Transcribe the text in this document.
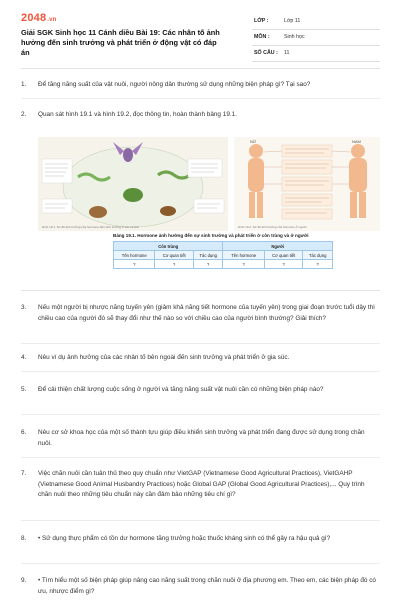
2048.vn
Giải SGK Sinh học 11 Cánh diều Bài 19: Các nhân tố ảnh hưởng đến sinh trưởng và phát triển ở động vật có đáp án
LỚP :	Lớp 11
MÔN :	Sinh học
SỐ CÂU : 11
1.	Để tăng năng suất của vật nuôi, người nông dân thường sử dụng những biện pháp gì? Tại sao?
2.	Quan sát hình 19.1 và hình 19.2, đọc thông tin, hoàn thành bảng 19.1.
Hình 19.1. Sơ đồ ảnh hưởng của hormone đến sinh trưởng ở sâu và ếch
NỮ	NAM
Hình 19.2. Sơ đồ ảnh hưởng của hormone ở người
Bảng 19.1. Hormone ảnh hưởng đến sự sinh trưởng và phát triển ở côn trùng và ở người
Côn trùng			Người		
Tên hormone	Cơ quan tiết	Tác dụng	Tên hormone	Cơ quan tiết	Tác dụng
?	?	?	?	?	?
3.	Nếu một người bị nhược năng tuyến yên (giảm khả năng tiết hormone của tuyến yên) trong giai đoạn trước tuổi dậy thì chiều cao của người đó sẽ thay đổi như thế nào so với chiều cao của người bình thường? Giải thích?
4.	Nêu ví dụ ảnh hưởng của các nhân tố bên ngoài đến sinh trưởng và phát triển ở gia súc.
5.	Để cải thiện chất lượng cuộc sống ở người và tăng năng suất vật nuôi cần có những biện pháp nào?
6.	Nêu cơ sở khoa học của một số thành tựu giúp điều khiển sinh trưởng và phát triển đang được sử dụng trong chăn nuôi.
7.	Việc chăn nuôi cần tuân thủ theo quy chuẩn như VietGAP (Vietnamese Good Agricultural Practices), VietGAHP (Vietnamese Good Animal Husbandry Practices) hoặc Global GAP (Global Good Agricultural Practices),... Quy trình chăn nuôi theo những tiêu chuẩn này cần đảm bảo những tiêu chí gì?
8.	• Sử dụng thực phẩm có tồn dư hormone tăng trưởng hoặc thuốc kháng sinh có thể gây ra hậu quả gì?
9.	• Tìm hiểu một số biện pháp giúp nâng cao năng suất trong chăn nuôi ở địa phương em. Theo em, các biện pháp đó có ưu, nhược điểm gì?
